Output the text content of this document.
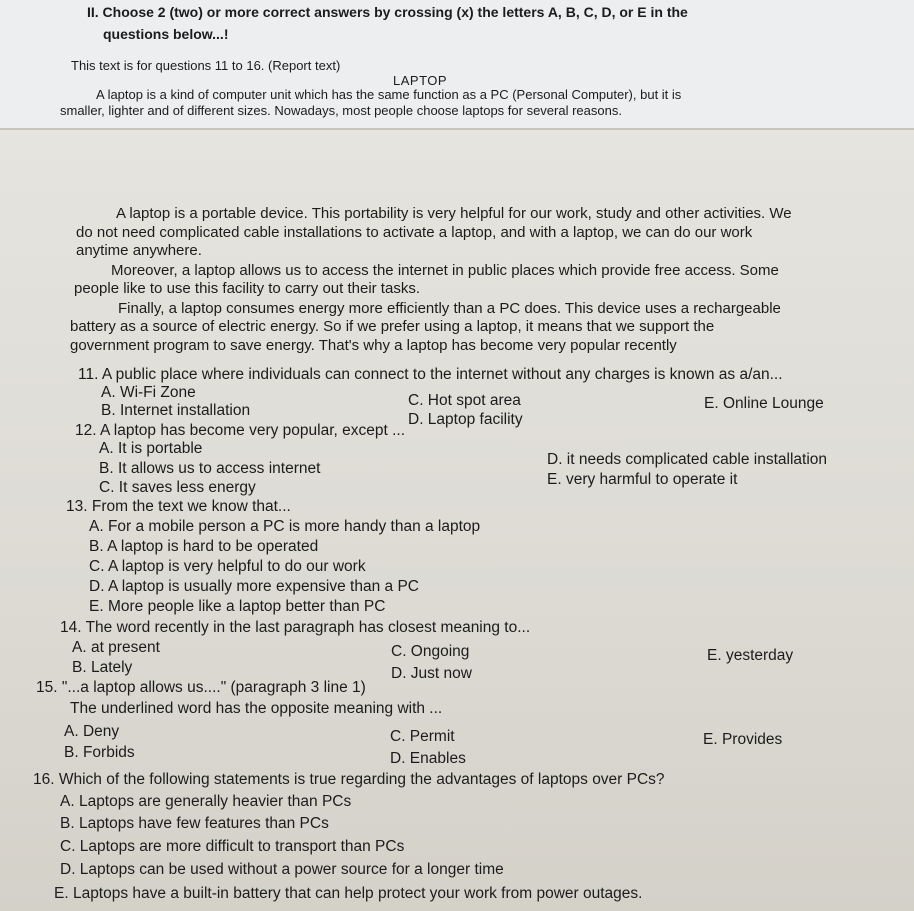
II. Choose 2 (two) or more correct answers by crossing (x) the letters A, B, C, D, or E in the
questions below...!
This text is for questions 11 to 16. (Report text)
LAPTOP
A laptop is a kind of computer unit which has the same function as a PC (Personal Computer), but it is
smaller, lighter and of different sizes. Nowadays, most people choose laptops for several reasons.
A laptop is a portable device. This portability is very helpful for our work, study and other activities. We
do not need complicated cable installations to activate a laptop, and with a laptop, we can do our work
anytime anywhere.
Moreover, a laptop allows us to access the internet in public places which provide free access. Some
people like to use this facility to carry out their tasks.
Finally, a laptop consumes energy more efficiently than a PC does. This device uses a rechargeable
battery as a source of electric energy. So if we prefer using a laptop, it means that we support the
government program to save energy. That's why a laptop has become very popular recently
11. A public place where individuals can connect to the internet without any charges is known as a/an...
A. Wi-Fi Zone
B. Internet installation
C. Hot spot area
D. Laptop facility
E. Online Lounge
12. A laptop has become very popular, except ...
A. It is portable
B. It allows us to access internet
C. It saves less energy
D. it needs complicated cable installation
E. very harmful to operate it
13. From the text we know that...
A. For a mobile person a PC is more handy than a laptop
B. A laptop is hard to be operated
C. A laptop is very helpful to do our work
D. A laptop is usually more expensive than a PC
E. More people like a laptop better than PC
14. The word recently in the last paragraph has closest meaning to...
A. at present
B. Lately
C. Ongoing
D. Just now
E. yesterday
15. "...a laptop allows us...." (paragraph 3 line 1)
The underlined word has the opposite meaning with ...
A. Deny
B. Forbids
C. Permit
D. Enables
E. Provides
16. Which of the following statements is true regarding the advantages of laptops over PCs?
A. Laptops are generally heavier than PCs
B. Laptops have few features than PCs
C. Laptops are more difficult to transport than PCs
D. Laptops can be used without a power source for a longer time
E. Laptops have a built-in battery that can help protect your work from power outages.
